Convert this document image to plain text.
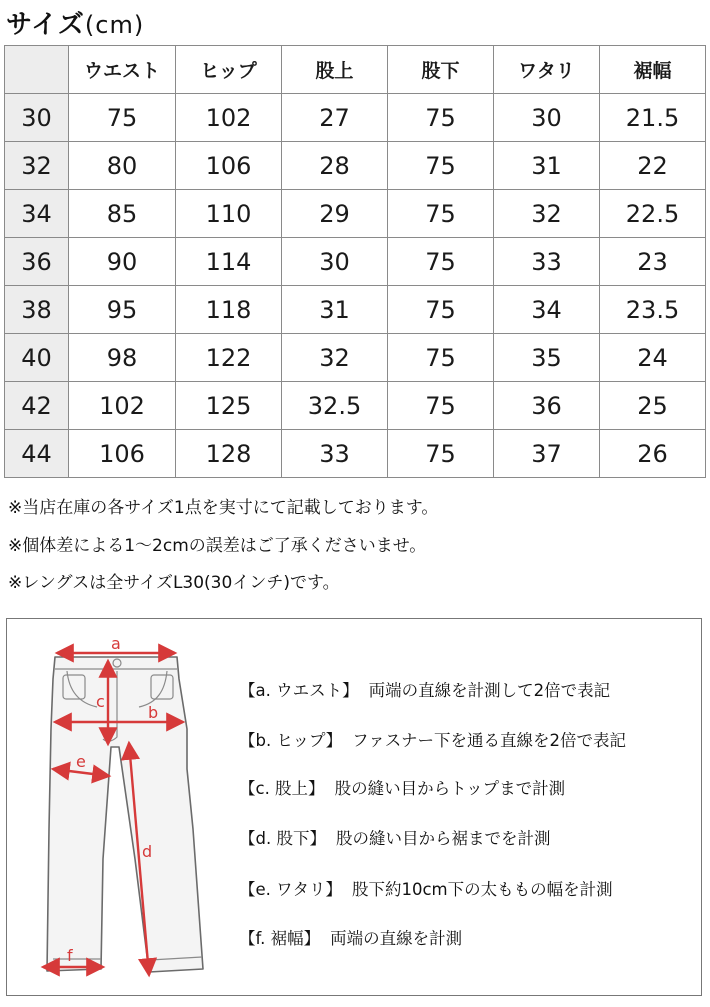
サイズ(cm)
	ウエスト	ヒップ	股上	股下	ワタリ	裾幅
30	75	102	27	75	30	21.5
32	80	106	28	75	31	22
34	85	110	29	75	32	22.5
36	90	114	30	75	33	23
38	95	118	31	75	34	23.5
40	98	122	32	75	35	24
42	102	125	32.5	75	36	25
44	106	128	33	75	37	26
※当店在庫の各サイズ1点を実寸にて記載しております。
※個体差による1〜2cmの誤差はご了承くださいませ。
※レングスは全サイズL30(30インチ)です。
a
c
b
e
d
f
【a. ウエスト】 両端の直線を計測して2倍で表記
【b. ヒップ】 ファスナー下を通る直線を2倍で表記
【c. 股上】 股の縫い目からトップまで計測
【d. 股下】 股の縫い目から裾までを計測
【e. ワタリ】 股下約10cm下の太ももの幅を計測
【f. 裾幅】 両端の直線を計測
